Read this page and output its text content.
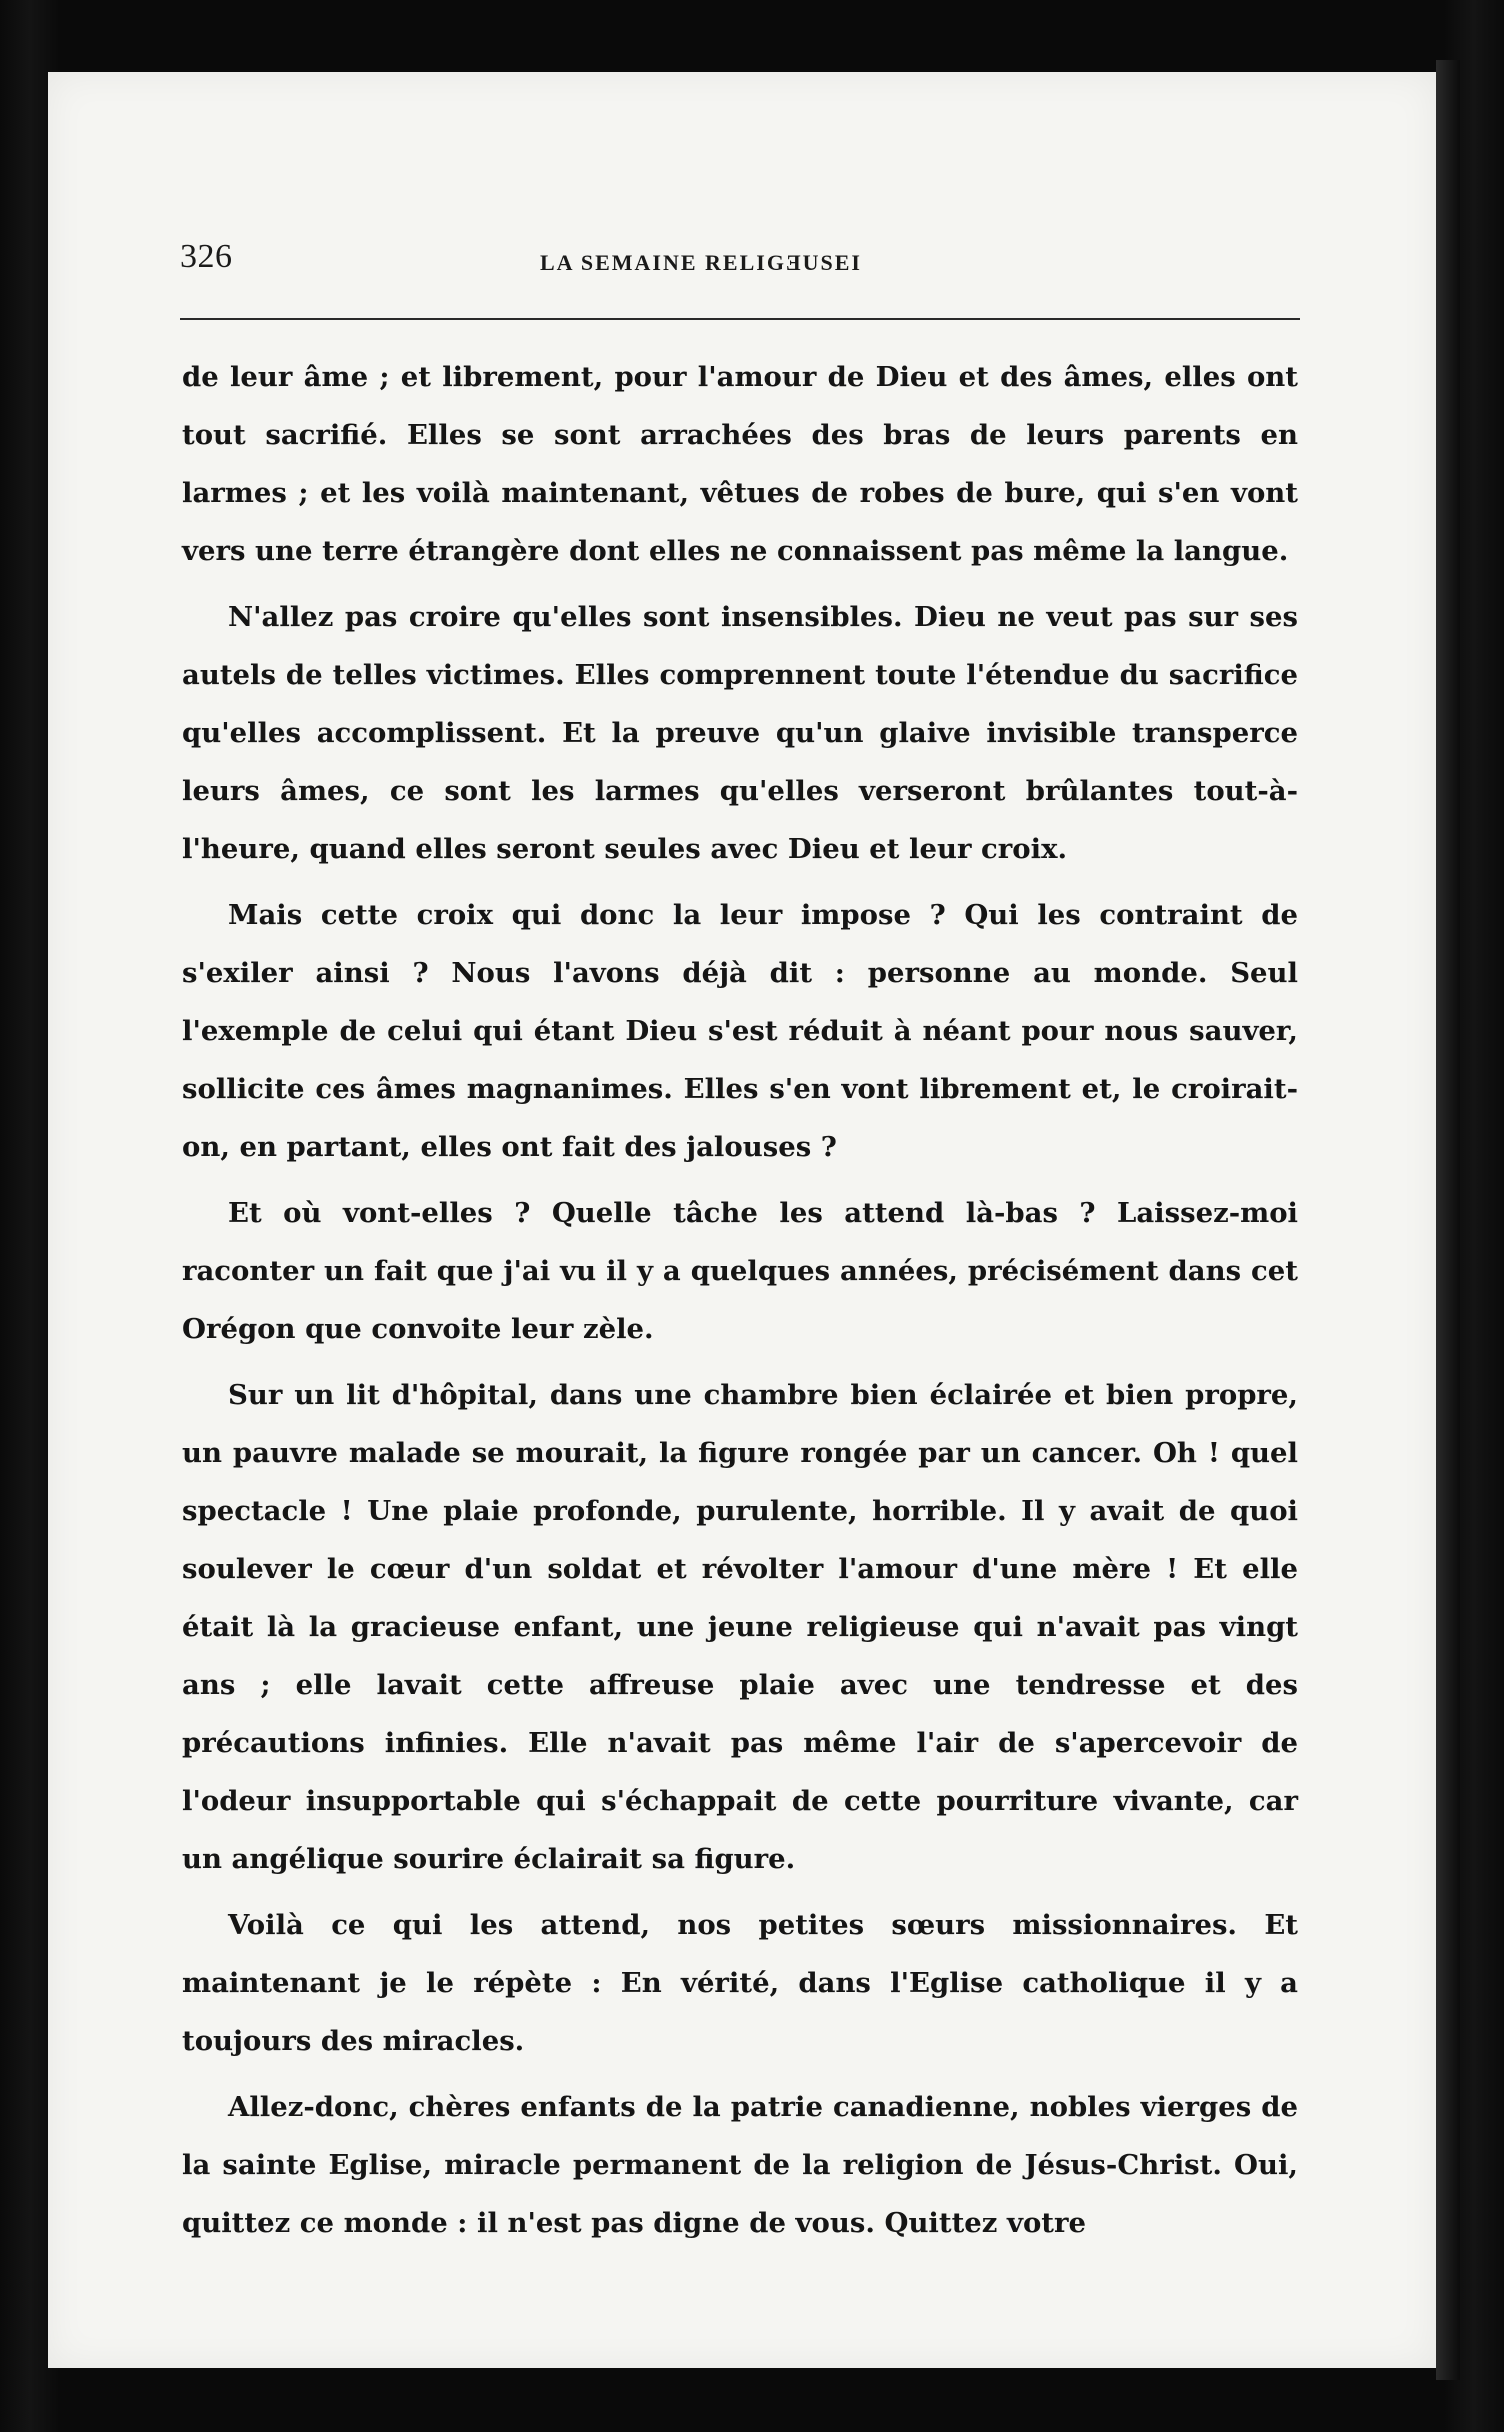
326	LA SEMAINE RELIGƎUSEI

de leur âme ; et librement, pour l'amour de Dieu et des âmes, elles ont tout sacrifié. Elles se sont arrachées des bras de leurs parents en larmes ; et les voilà maintenant, vêtues de robes de bure, qui s'en vont vers une terre étrangère dont elles ne connaissent pas même la langue.

N'allez pas croire qu'elles sont insensibles. Dieu ne veut pas sur ses autels de telles victimes. Elles comprennent toute l'étendue du sacrifice qu'elles accomplissent. Et la preuve qu'un glaive invisible transperce leurs âmes, ce sont les larmes qu'elles verseront brûlantes tout-à-l'heure, quand elles seront seules avec Dieu et leur croix.

Mais cette croix qui donc la leur impose ? Qui les contraint de s'exiler ainsi ? Nous l'avons déjà dit : personne au monde. Seul l'exemple de celui qui étant Dieu s'est réduit à néant pour nous sauver, sollicite ces âmes magnanimes. Elles s'en vont librement et, le croirait-on, en partant, elles ont fait des jalouses ?

Et où vont-elles ? Quelle tâche les attend là-bas ? Laissez-moi raconter un fait que j'ai vu il y a quelques années, précisément dans cet Orégon que convoite leur zèle.

Sur un lit d'hôpital, dans une chambre bien éclairée et bien propre, un pauvre malade se mourait, la figure rongée par un cancer. Oh ! quel spectacle ! Une plaie profonde, purulente, horrible. Il y avait de quoi soulever le cœur d'un soldat et révolter l'amour d'une mère ! Et elle était là la gracieuse enfant, une jeune religieuse qui n'avait pas vingt ans ; elle lavait cette affreuse plaie avec une tendresse et des précautions infinies. Elle n'avait pas même l'air de s'apercevoir de l'odeur insupportable qui s'échappait de cette pourriture vivante, car un angélique sourire éclairait sa figure.

Voilà ce qui les attend, nos petites sœurs missionnaires. Et maintenant je le répète : En vérité, dans l'Eglise catholique il y a toujours des miracles.

Allez-donc, chères enfants de la patrie canadienne, nobles vierges de la sainte Eglise, miracle permanent de la religion de Jésus-Christ. Oui, quittez ce monde : il n'est pas digne de vous. Quittez votre
